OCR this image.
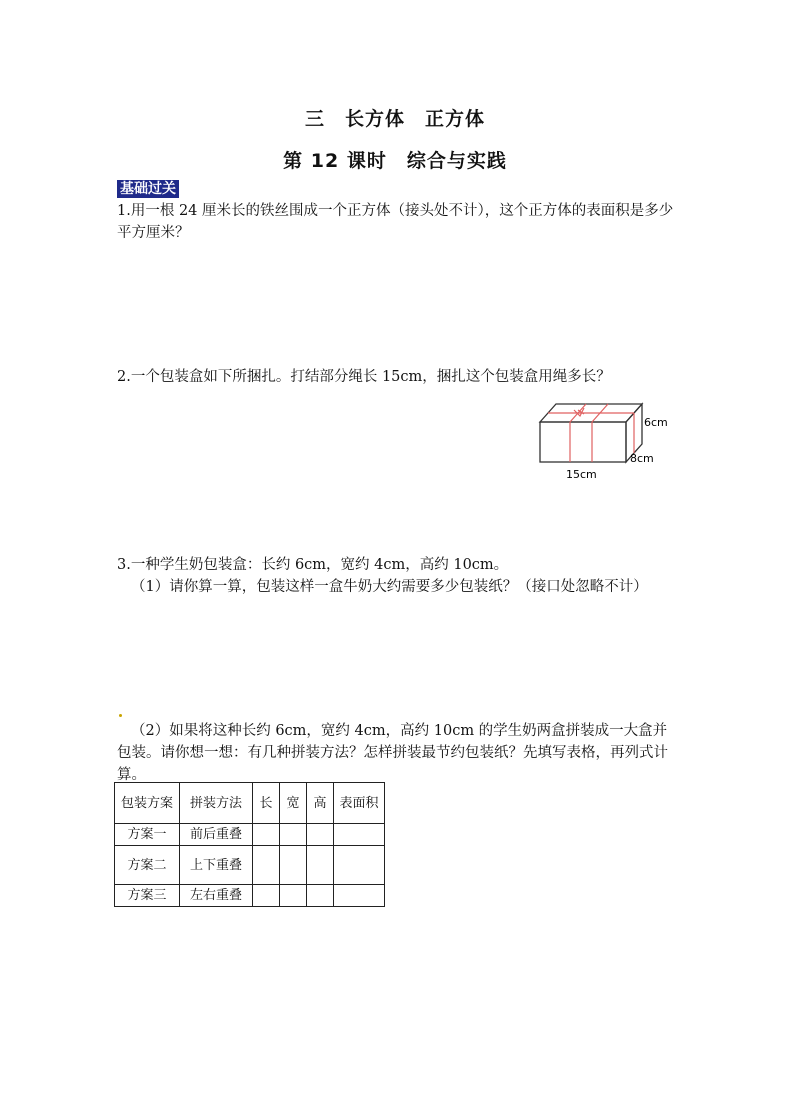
三　长方体　正方体
第 12 课时　综合与实践
基础过关
1.用一根 24 厘米长的铁丝围成一个正方体（接头处不计），这个正方体的表面积是多少平方厘米？
2.一个包装盒如下所捆扎。打结部分绳长 15cm，捆扎这个包装盒用绳多长？
6cm
8cm
15cm
3.一种学生奶包装盒：长约 6cm，宽约 4cm，高约 10cm。
（1）请你算一算，包装这样一盒牛奶大约需要多少包装纸？（接口处忽略不计）
（2）如果将这种长约 6cm，宽约 4cm，高约 10cm 的学生奶两盒拼装成一大盒并包装。请你想一想：有几种拼装方法？怎样拼装最节约包装纸？先填写表格，再列式计算。
包装方案	拼装方法	长	宽	高	表面积
方案一	前后重叠				
方案二	上下重叠				
方案三	左右重叠				
